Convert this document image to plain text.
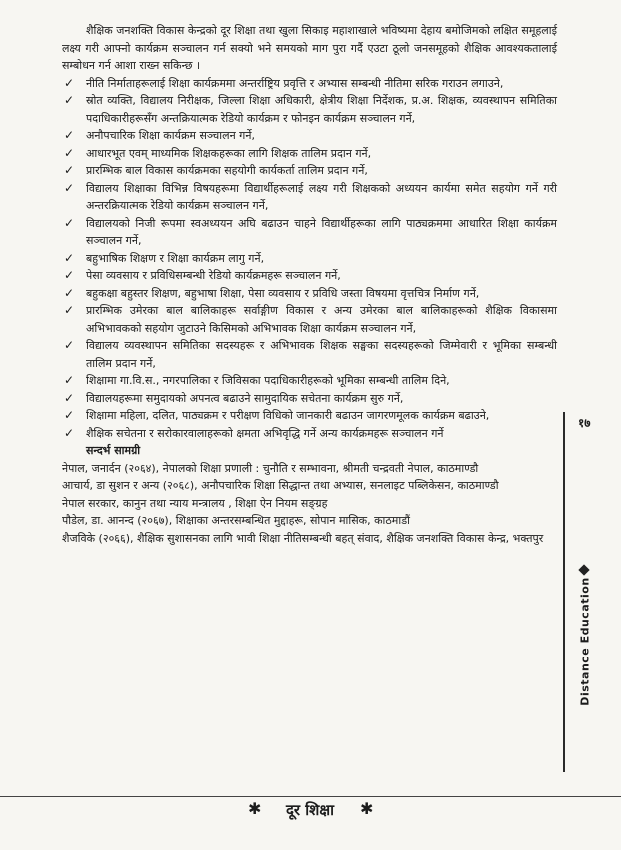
शैक्षिक जनशक्ति विकास केन्द्रको दूर शिक्षा तथा खुला सिकाइ महाशाखाले भविष्यमा देहाय बमोजिमको लक्षित समूहलाई लक्ष्य गरी आफ्नो कार्यक्रम सञ्चालन गर्न सक्यो भने समयको माग पुरा गर्दै एउटा ठूलो जनसमूहको शैक्षिक आवश्यकतालाई सम्बोधन गर्न आशा राख्न सकिन्छ ।

✓ नीति निर्माताहरूलाई शिक्षा कार्यक्रममा अन्तर्राष्ट्रिय प्रवृत्ति र अभ्यास सम्बन्धी नीतिमा सरिक गराउन लगाउने,
✓ स्रोत व्यक्ति, विद्यालय निरीक्षक, जिल्ला शिक्षा अधिकारी, क्षेत्रीय शिक्षा निर्देशक, प्र.अ. शिक्षक, व्यवस्थापन समितिका पदाधिकारीहरूसँग अन्तक्रियात्मक रेडियो कार्यक्रम र फोनइन कार्यक्रम सञ्चालन गर्ने,
✓ अनौपचारिक शिक्षा कार्यक्रम सञ्चालन गर्ने,
✓ आधारभूत एवम् माध्यमिक शिक्षकहरूका लागि शिक्षक तालिम प्रदान गर्ने,
✓ प्रारम्भिक बाल विकास कार्यक्रमका सहयोगी कार्यकर्ता तालिम प्रदान गर्ने,
✓ विद्यालय शिक्षाका विभिन्न विषयहरूमा विद्यार्थीहरूलाई लक्ष्य गरी शिक्षकको अध्ययन कार्यमा समेत सहयोग गर्ने गरी अन्तरक्रियात्मक रेडियो कार्यक्रम सञ्चालन गर्ने,
✓ विद्यालयको निजी रूपमा स्वअध्ययन अघि बढाउन चाहने विद्यार्थीहरूका लागि पाठ्यक्रममा आधारित शिक्षा कार्यक्रम सञ्चालन गर्ने,
✓ बहुभाषिक शिक्षण र शिक्षा कार्यक्रम लागु गर्ने,
✓ पेसा व्यवसाय र प्रविधिसम्बन्धी रेडियो कार्यक्रमहरू सञ्चालन गर्ने,
✓ बहुकक्षा बहुस्तर शिक्षण, बहुभाषा शिक्षा, पेसा व्यवसाय र प्रविधि जस्ता विषयमा वृत्तचित्र निर्माण गर्ने,
✓ प्रारम्भिक उमेरका बाल बालिकाहरू सर्वाङ्गीण विकास र अन्य उमेरका बाल बालिकाहरूको शैक्षिक विकासमा अभिभावकको सहयोग जुटाउने किसिमको अभिभावक शिक्षा कार्यक्रम सञ्चालन गर्ने,
✓ विद्यालय व्यवस्थापन समितिका सदस्यहरू र अभिभावक शिक्षक सङ्घका सदस्यहरूको जिम्मेवारी र भूमिका सम्बन्धी तालिम प्रदान गर्ने,
✓ शिक्षामा गा.वि.स., नगरपालिका र जिविसका पदाधिकारीहरूको भूमिका सम्बन्धी तालिम दिने,
✓ विद्यालयहरूमा समुदायको अपनत्व बढाउने सामुदायिक सचेतना कार्यक्रम सुरु गर्ने,
✓ शिक्षामा महिला, दलित, पाठ्यक्रम र परीक्षण विधिको जानकारी बढाउन जागरणमूलक कार्यक्रम बढाउने,
✓ शैक्षिक सचेतना र सरोकारवालाहरूको क्षमता अभिवृद्धि गर्ने अन्य कार्यक्रमहरू सञ्चालन गर्ने
सन्दर्भ सामग्री
नेपाल, जनार्दन (२०६४), नेपालको शिक्षा प्रणाली : चुनौति र सम्भावना, श्रीमती चन्द्रवती नेपाल, काठमाण्डौ
आचार्य, डा सुशन र अन्य (२०६८), अनौपचारिक शिक्षा सिद्धान्त तथा अभ्यास, सनलाइट पब्लिकेसन, काठमाण्डौ
नेपाल सरकार, कानुन तथा न्याय मन्त्रालय , शिक्षा ऐन नियम सङ्ग्रह
पौडेल, डा. आनन्द (२०६७), शिक्षाका अन्तरसम्बन्धित मुद्दाहरू, सोपान मासिक, काठमाडौं
शैजविके (२०६६), शैक्षिक सुशासनका लागि भावी शिक्षा नीतिसम्बन्धी बहत् संवाद, शैक्षिक जनशक्ति विकास केन्द्र, भक्तपुर
१७
Distance Education
✱	दूर शिक्षा	✱
